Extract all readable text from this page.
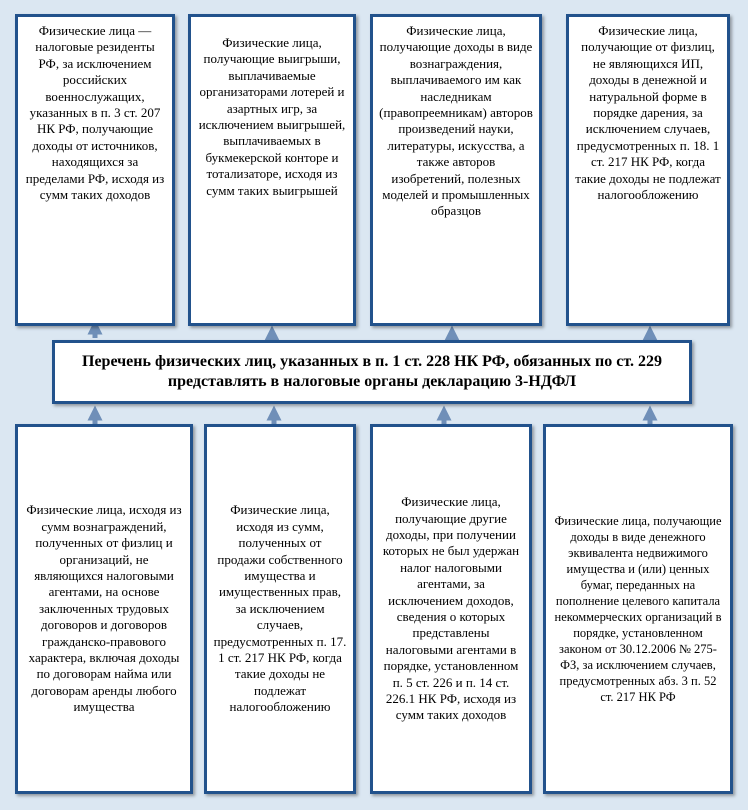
Физические лица — налоговые резиденты РФ, за исключением российских военнослужащих, указанных в п. 3 ст. 207 НК РФ, получающие доходы от источников, находящихся за пределами РФ, исходя из сумм таких доходов
Физические лица, получающие выигрыши, выплачиваемые организаторами лотерей и азартных игр, за исключением выигрышей, выплачиваемых в букмекерской конторе и тотализаторе, исходя из сумм таких выигрышей
Физические лица, получающие доходы в виде вознаграждения, выплачиваемого им как наследникам (правопреемникам) авторов произведений науки, литературы, искусства, а также авторов изобретений, полезных моделей и промышленных образцов
Физические лица, получающие от физлиц, не являющихся ИП, доходы в денежной и натуральной форме в порядке дарения, за исключением случаев, предусмотренных п. 18. 1 ст. 217 НК РФ, когда такие доходы не подлежат налогообложению
Перечень физических лиц, указанных в п. 1 ст. 228 НК РФ, обязанных по ст. 229 представлять в налоговые органы декларацию 3-НДФЛ
Физические лица, исходя из сумм вознаграждений, полученных от физлиц и организаций, не являющихся налоговыми агентами, на основе заключенных трудовых договоров и договоров гражданско-правового характера, включая доходы по договорам найма или договорам аренды любого имущества
Физические лица, исходя из сумм, полученных от продажи собственного имущества и имущественных прав, за исключением случаев, предусмотренных п. 17. 1 ст. 217 НК РФ, когда такие доходы не подлежат налогообложению
Физические лица, получающие другие доходы, при получении которых не был удержан налог налоговыми агентами, за исключением доходов, сведения о которых представлены налоговыми агентами в порядке, установленном п. 5 ст. 226 и п. 14 ст. 226.1 НК РФ, исходя из сумм таких доходов
Физические лица, получающие доходы в виде денежного эквивалента недвижимого имущества и (или) ценных бумаг, переданных на пополнение целевого капитала некоммерческих организаций в порядке, установленном законом от 30.12.2006 № 275-ФЗ, за исключением случаев, предусмотренных абз. 3 п. 52 ст. 217 НК РФ
